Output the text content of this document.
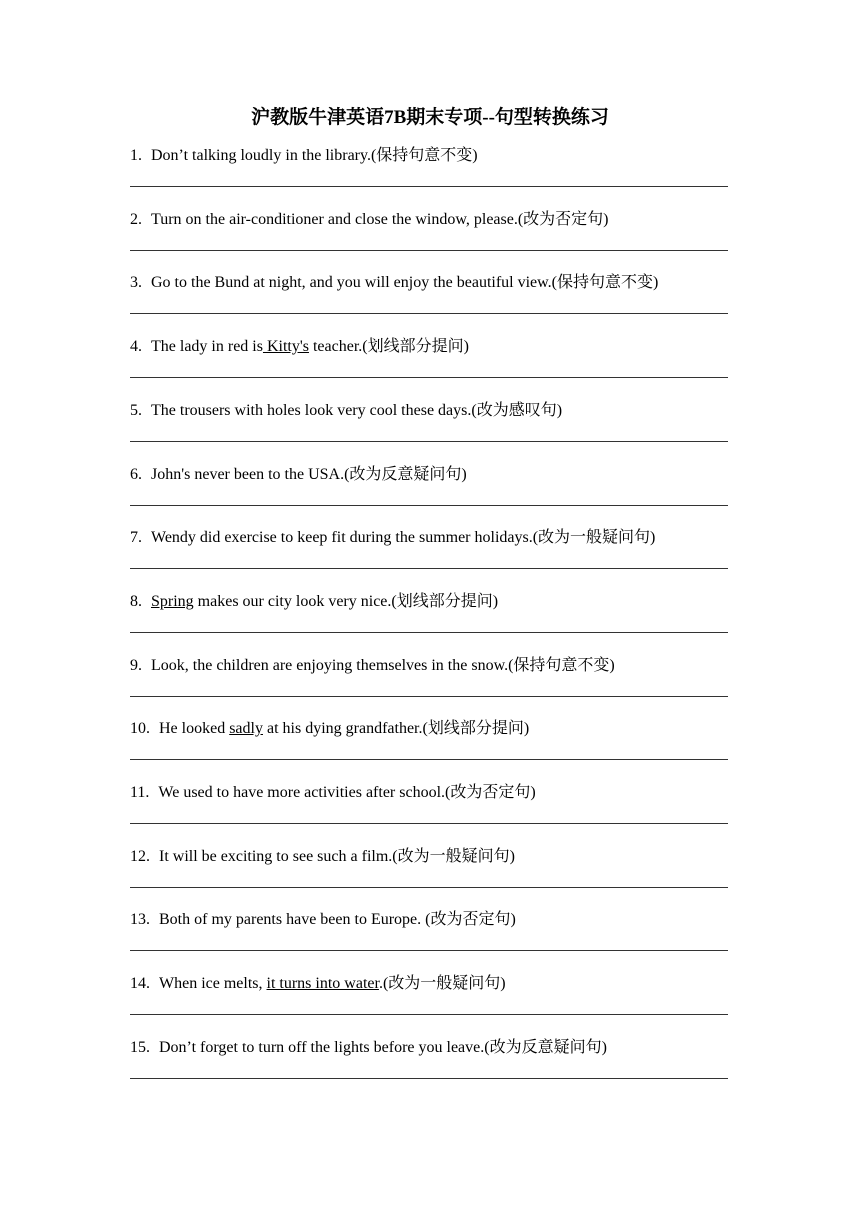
沪教版牛津英语7B期末专项--句型转换练习
1. Don’t talking loudly in the library.(保持句意不变)
2. Turn on the air-conditioner and close the window, please.(改为否定句)
3. Go to the Bund at night, and you will enjoy the beautiful view.(保持句意不变)
4. The lady in red is Kitty's teacher.(划线部分提问)
5. The trousers with holes look very cool these days.(改为感叹句)
6. John's never been to the USA.(改为反意疑问句)
7. Wendy did exercise to keep fit during the summer holidays.(改为一般疑问句)
8. Spring makes our city look very nice.(划线部分提问)
9. Look, the children are enjoying themselves in the snow.(保持句意不变)
10. He looked sadly at his dying grandfather.(划线部分提问)
11. We used to have more activities after school.(改为否定句)
12. It will be exciting to see such a film.(改为一般疑问句)
13. Both of my parents have been to Europe. (改为否定句)
14. When ice melts, it turns into water.(改为一般疑问句)
15. Don’t forget to turn off the lights before you leave.(改为反意疑问句)
